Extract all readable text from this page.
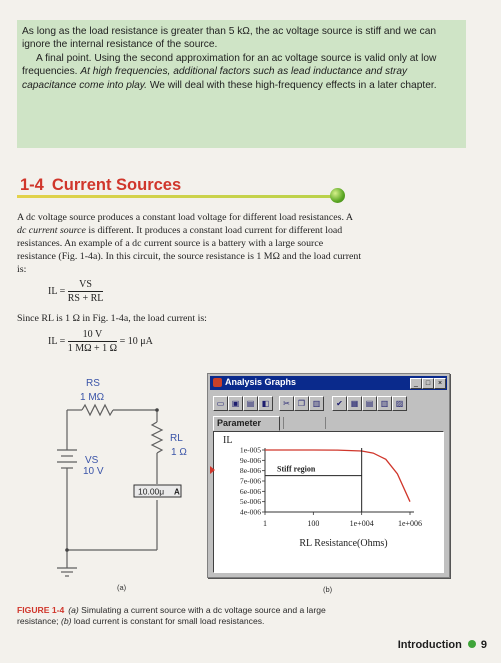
As long as the load resistance is greater than 5 kΩ, the ac voltage source is stiff and we can ignore the internal resistance of the source.

A final point. Using the second approximation for an ac voltage source is valid only at low frequencies. At high frequencies, additional factors such as lead inductance and stray capacitance come into play. We will deal with these high-frequency effects in a later chapter.

1-4 Current Sources
A dc voltage source produces a constant load voltage for different load resistances. A dc current source is different. It produces a constant load current for different load resistances. An example of a dc current source is a battery with a large source resistance (Fig. 1-4a). In this circuit, the source resistance is 1 MΩ and the load current is:
IL = $\frac{VS}{RS + RL}$
Since RL is 1 Ω in Fig. 1-4a, the load current is:
IL = $\frac{10 V}{1 M\Omega + 1 \Omega} = 10$ μA
10.00μ A
RS
1 MΩ
RL
1 Ω
VS
10 V
Analysis Graphs	_	□	×
▭ ▣ ▤ ◧	✂	❐ ▥	✔ ▦ ▤ ▥ ▨
Parameter
IL
1e-005
9e-006
8e-006
7e-006
6e-006
5e-006
4e-006
1	100	1e+004	1e+006
RL Resistance(Ohms)
Stiff region
(a)	(b)
FIGURE 1-4 (a) Simulating a current source with a dc voltage source and a large resistance; (b) load current is constant for small load resistances.
Introduction 9
